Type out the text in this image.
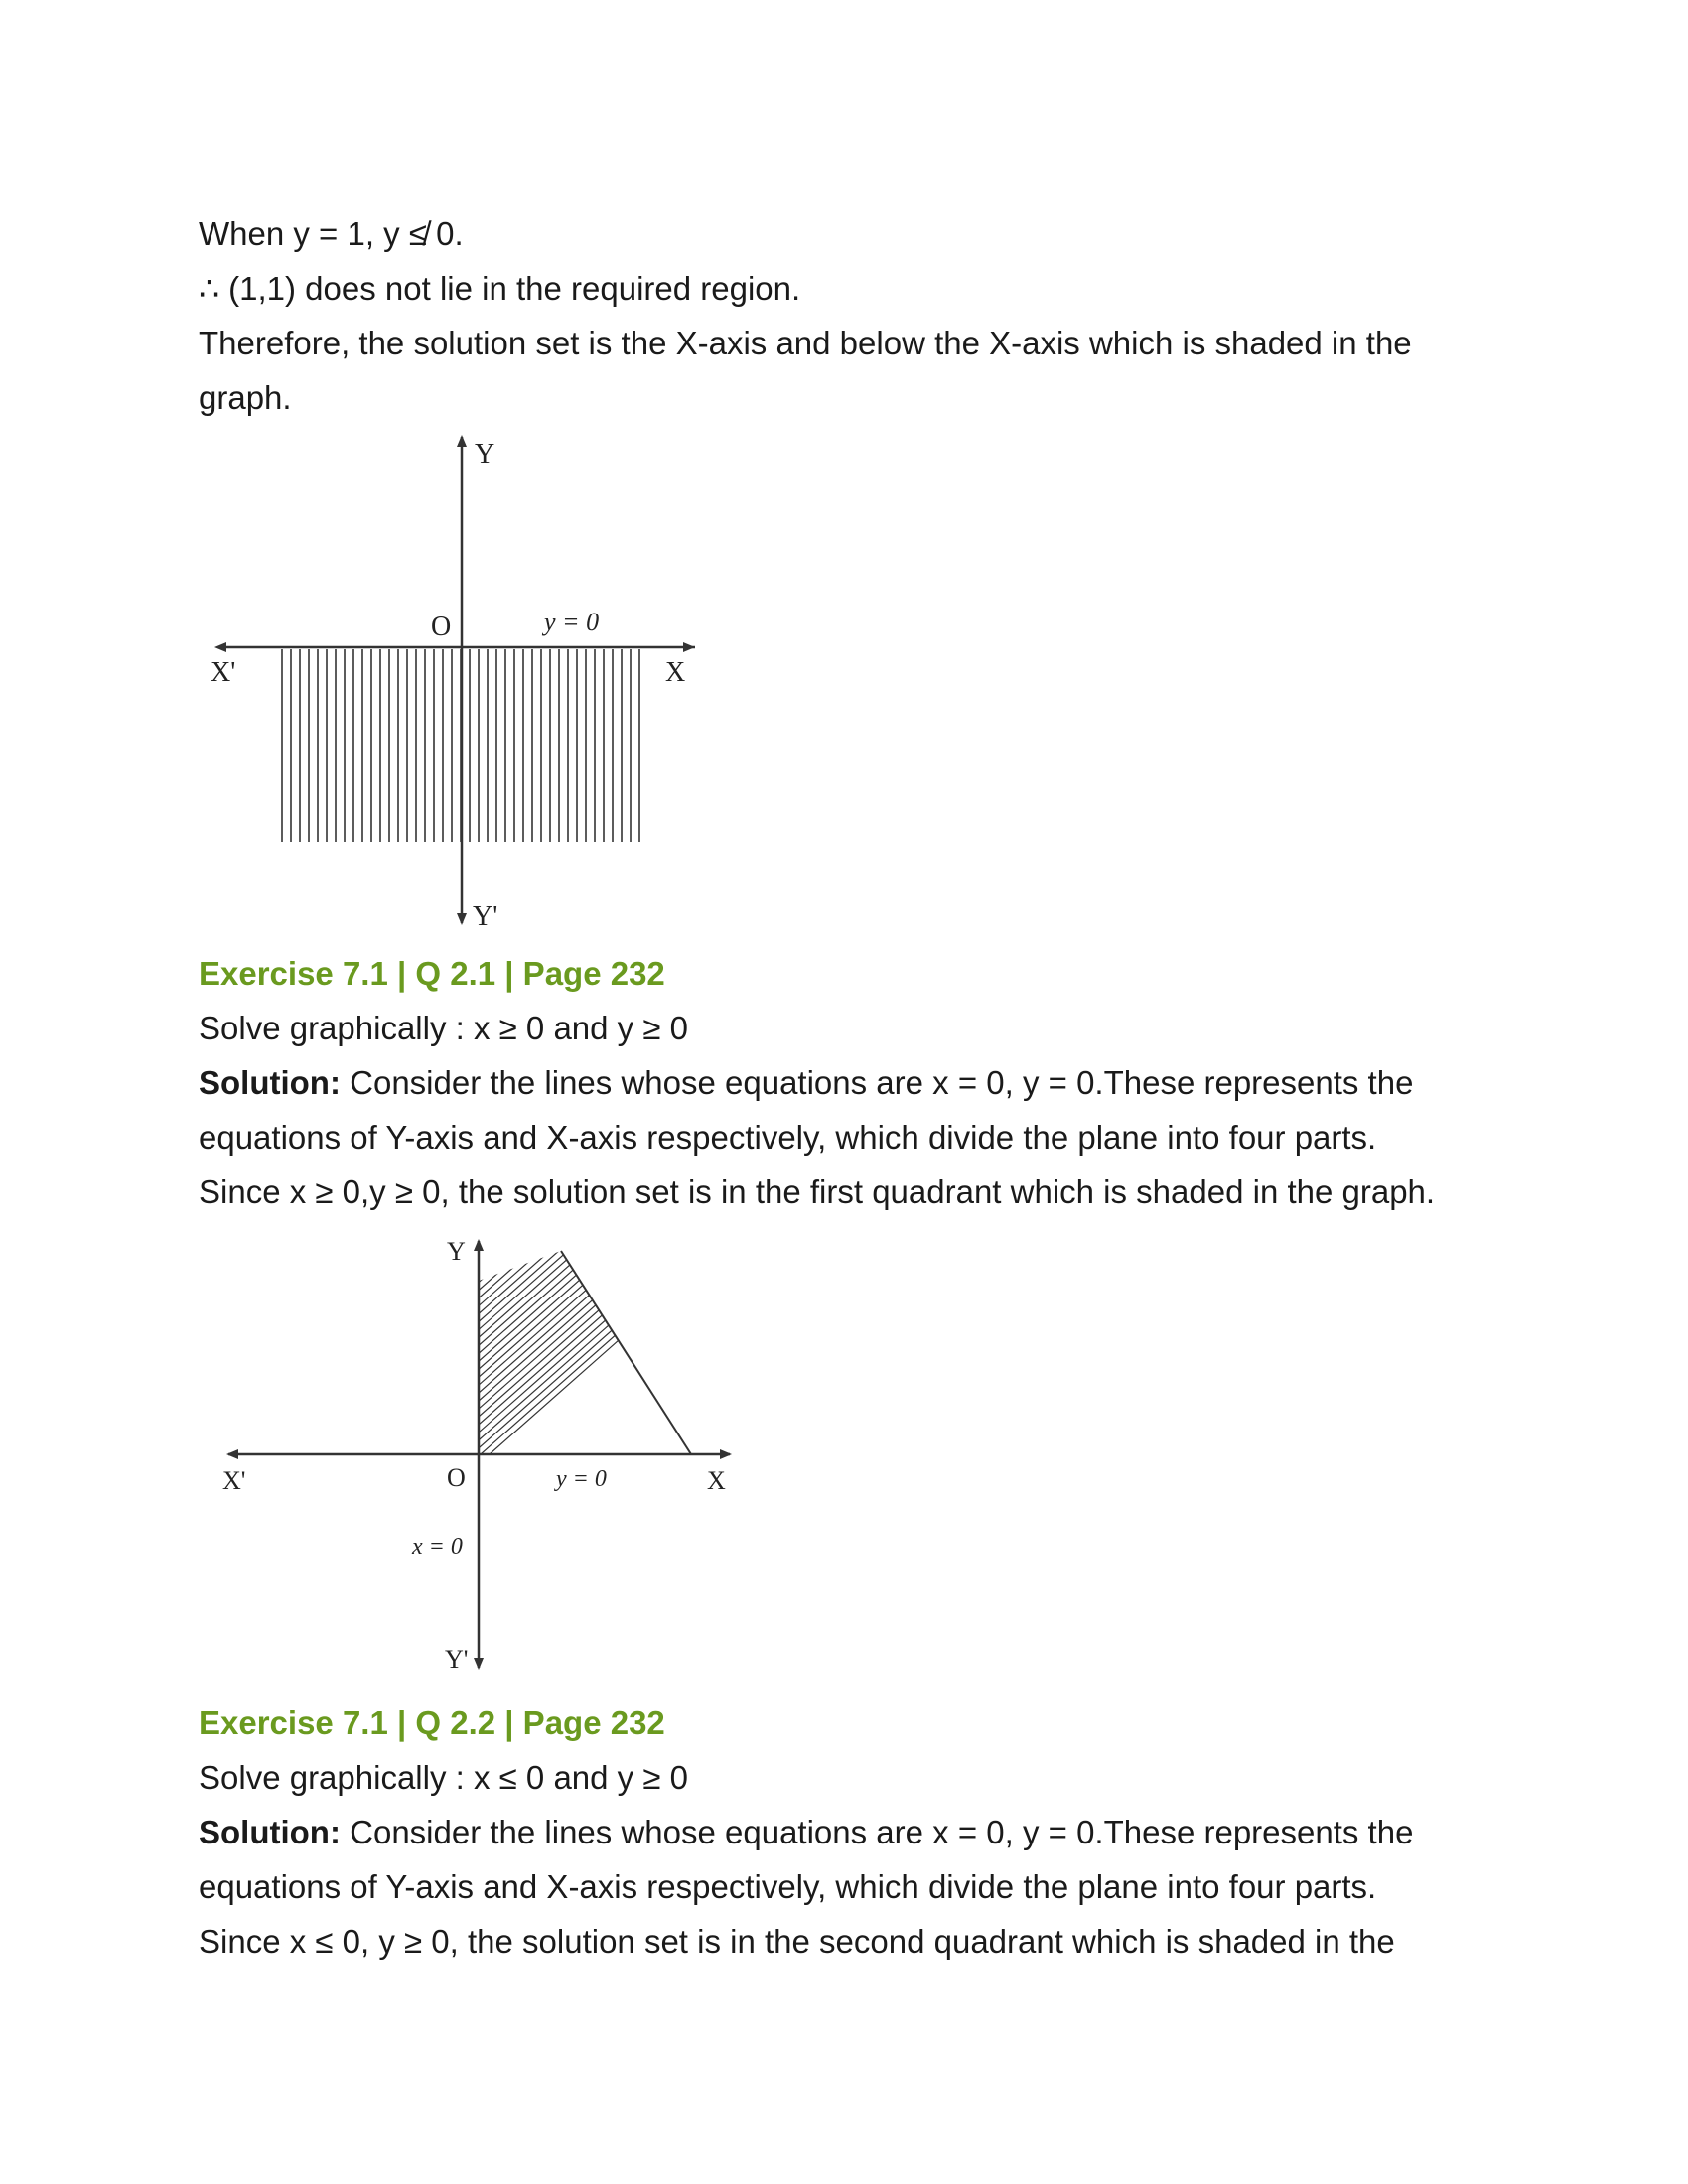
When y = 1, y ≰ 0.
∴ (1,1) does not lie in the required region.
Therefore, the solution set is the X-axis and below the X-axis which is shaded in the
graph.
Y
Y'
X
X'
O	y = 0
Exercise 7.1 | Q 2.1 | Page 232
Solve graphically : x ≥ 0 and y ≥ 0
Solution: Consider the lines whose equations are x = 0, y = 0.These represents the
equations of Y-axis and X-axis respectively, which divide the plane into four parts.
Since x ≥ 0,y ≥ 0, the solution set is in the first quadrant which is shaded in the graph.
Y
Y'
X
X'	O	y = 0
x = 0
Exercise 7.1 | Q 2.2 | Page 232
Solve graphically : x ≤ 0 and y ≥ 0
Solution: Consider the lines whose equations are x = 0, y = 0.These represents the
equations of Y-axis and X-axis respectively, which divide the plane into four parts.
Since x ≤ 0, y ≥ 0, the solution set is in the second quadrant which is shaded in the
